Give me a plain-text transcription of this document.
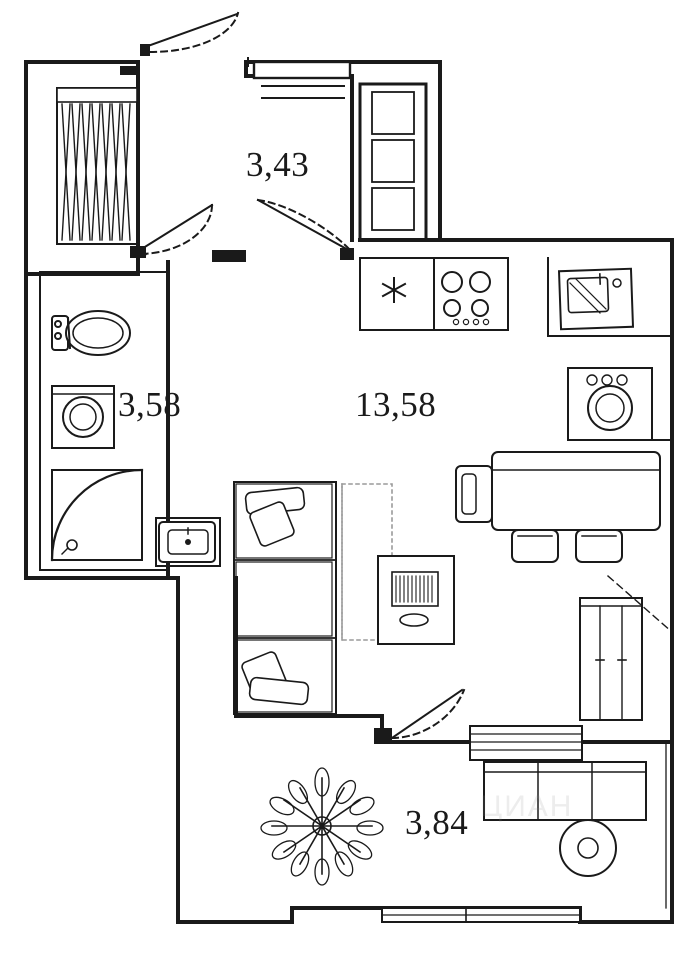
3,43
3,58	13,58
3,84 ЦИАН
